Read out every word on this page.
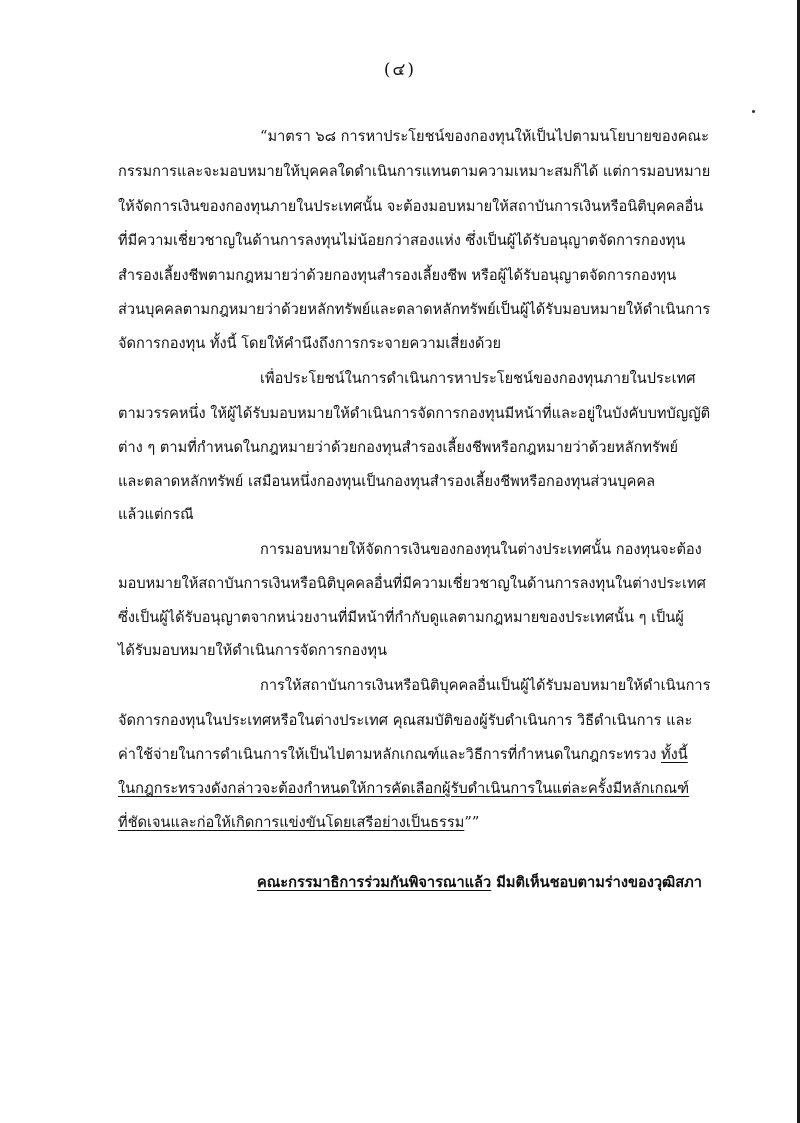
(๔)
“มาตรา ๖๘ การหาประโยชน์ของกองทุนให้เป็นไปตามนโยบายของคณะ
กรรมการและจะมอบหมายให้บุคคลใดดำเนินการแทนตามความเหมาะสมก็ได้ แต่การมอบหมาย
ให้จัดการเงินของกองทุนภายในประเทศนั้น จะต้องมอบหมายให้สถาบันการเงินหรือนิติบุคคลอื่น
ที่มีความเชี่ยวชาญในด้านการลงทุนไม่น้อยกว่าสองแห่ง ซึ่งเป็นผู้ได้รับอนุญาตจัดการกองทุน
สำรองเลี้ยงชีพตามกฎหมายว่าด้วยกองทุนสำรองเลี้ยงชีพ หรือผู้ได้รับอนุญาตจัดการกองทุน
ส่วนบุคคลตามกฎหมายว่าด้วยหลักทรัพย์และตลาดหลักทรัพย์เป็นผู้ได้รับมอบหมายให้ดำเนินการ
จัดการกองทุน ทั้งนี้ โดยให้คำนึงถึงการกระจายความเสี่ยงด้วย
เพื่อประโยชน์ในการดำเนินการหาประโยชน์ของกองทุนภายในประเทศ
ตามวรรคหนึ่ง ให้ผู้ได้รับมอบหมายให้ดำเนินการจัดการกองทุนมีหน้าที่และอยู่ในบังคับบทบัญญัติ
ต่าง ๆ ตามที่กำหนดในกฎหมายว่าด้วยกองทุนสำรองเลี้ยงชีพหรือกฎหมายว่าด้วยหลักทรัพย์
และตลาดหลักทรัพย์ เสมือนหนึ่งกองทุนเป็นกองทุนสำรองเลี้ยงชีพหรือกองทุนส่วนบุคคล
แล้วแต่กรณี
การมอบหมายให้จัดการเงินของกองทุนในต่างประเทศนั้น กองทุนจะต้อง
มอบหมายให้สถาบันการเงินหรือนิติบุคคลอื่นที่มีความเชี่ยวชาญในด้านการลงทุนในต่างประเทศ
ซึ่งเป็นผู้ได้รับอนุญาตจากหน่วยงานที่มีหน้าที่กำกับดูแลตามกฎหมายของประเทศนั้น ๆ เป็นผู้
ได้รับมอบหมายให้ดำเนินการจัดการกองทุน
การให้สถาบันการเงินหรือนิติบุคคลอื่นเป็นผู้ได้รับมอบหมายให้ดำเนินการ
จัดการกองทุนในประเทศหรือในต่างประเทศ คุณสมบัติของผู้รับดำเนินการ วิธีดำเนินการ และ
ค่าใช้จ่ายในการดำเนินการให้เป็นไปตามหลักเกณฑ์และวิธีการที่กำหนดในกฎกระทรวง ทั้งนี้
ในกฎกระทรวงดังกล่าวจะต้องกำหนดให้การคัดเลือกผู้รับดำเนินการในแต่ละครั้งมีหลักเกณฑ์
ที่ชัดเจนและก่อให้เกิดการแข่งขันโดยเสรีอย่างเป็นธรรม””
คณะกรรมาธิการร่วมกันพิจารณาแล้ว มีมติเห็นชอบตามร่างของวุฒิสภา
